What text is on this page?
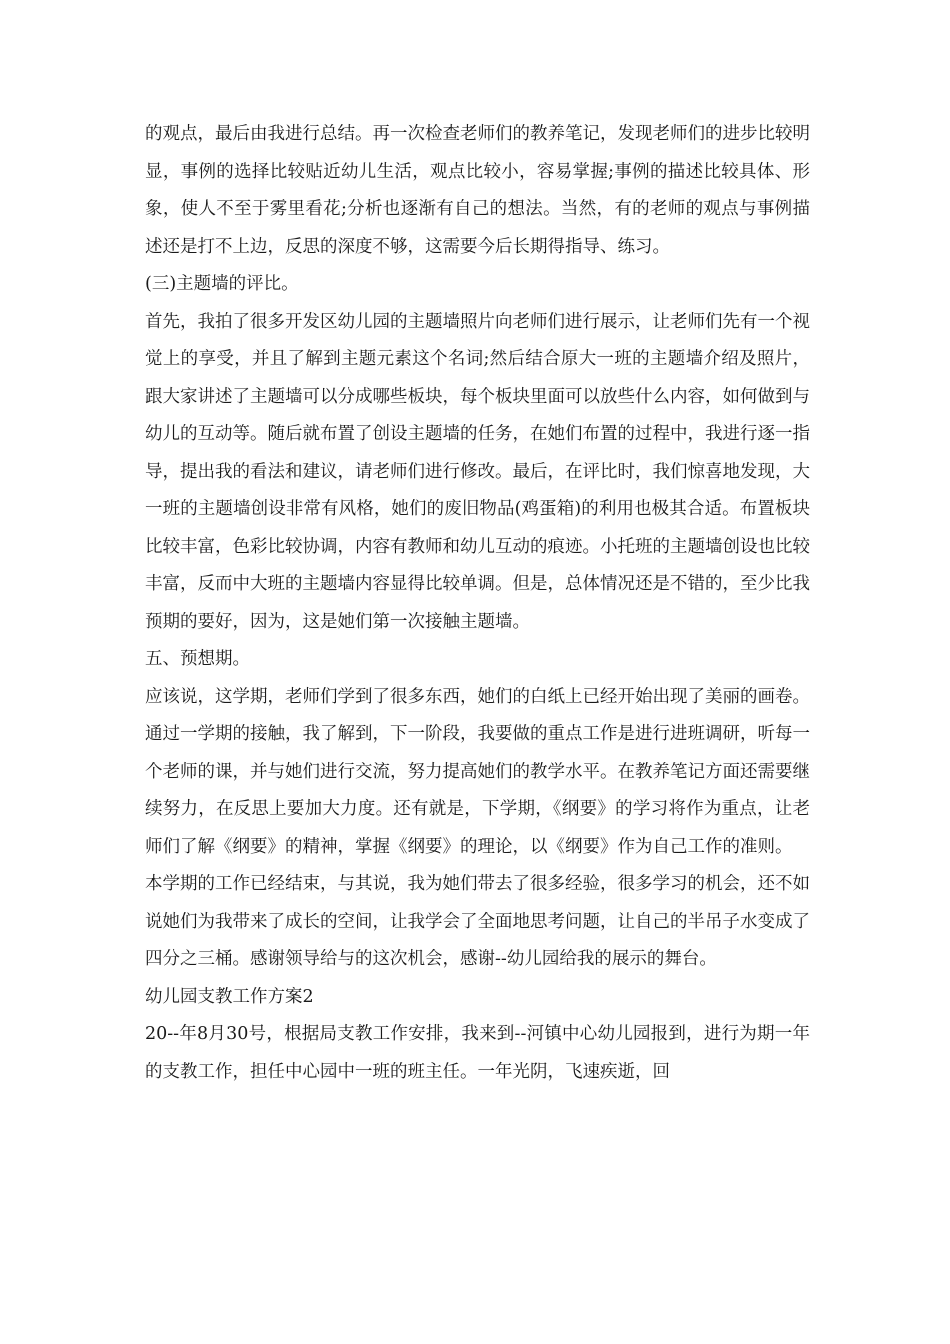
的观点，最后由我进行总结。再一次检查老师们的教养笔记，发现老师们的进步比较明显，事例的选择比较贴近幼儿生活，观点比较小，容易掌握;事例的描述比较具体、形象，使人不至于雾里看花;分析也逐渐有自己的想法。当然，有的老师的观点与事例描述还是打不上边，反思的深度不够，这需要今后长期得指导、练习。

(三)主题墙的评比。

首先，我拍了很多开发区幼儿园的主题墙照片向老师们进行展示，让老师们先有一个视觉上的享受，并且了解到主题元素这个名词;然后结合原大一班的主题墙介绍及照片，跟大家讲述了主题墙可以分成哪些板块，每个板块里面可以放些什么内容，如何做到与幼儿的互动等。随后就布置了创设主题墙的任务，在她们布置的过程中，我进行逐一指导，提出我的看法和建议，请老师们进行修改。最后，在评比时，我们惊喜地发现，大一班的主题墙创设非常有风格，她们的废旧物品(鸡蛋箱)的利用也极其合适。布置板块比较丰富，色彩比较协调，内容有教师和幼儿互动的痕迹。小托班的主题墙创设也比较丰富，反而中大班的主题墙内容显得比较单调。但是，总体情况还是不错的，至少比我预期的要好，因为，这是她们第一次接触主题墙。

五、预想期。

应该说，这学期，老师们学到了很多东西，她们的白纸上已经开始出现了美丽的画卷。通过一学期的接触，我了解到，下一阶段，我要做的重点工作是进行进班调研，听每一个老师的课，并与她们进行交流，努力提高她们的教学水平。在教养笔记方面还需要继续努力，在反思上要加大力度。还有就是，下学期，《纲要》的学习将作为重点，让老师们了解《纲要》的精神，掌握《纲要》的理论，以《纲要》作为自己工作的准则。

本学期的工作已经结束，与其说，我为她们带去了很多经验，很多学习的机会，还不如说她们为我带来了成长的空间，让我学会了全面地思考问题，让自己的半吊子水变成了四分之三桶。感谢领导给与的这次机会，感谢--幼儿园给我的展示的舞台。

幼儿园支教工作方案2

20--年8月30号，根据局支教工作安排，我来到--河镇中心幼儿园报到，进行为期一年的支教工作，担任中心园中一班的班主任。一年光阴，飞速疾逝，回
